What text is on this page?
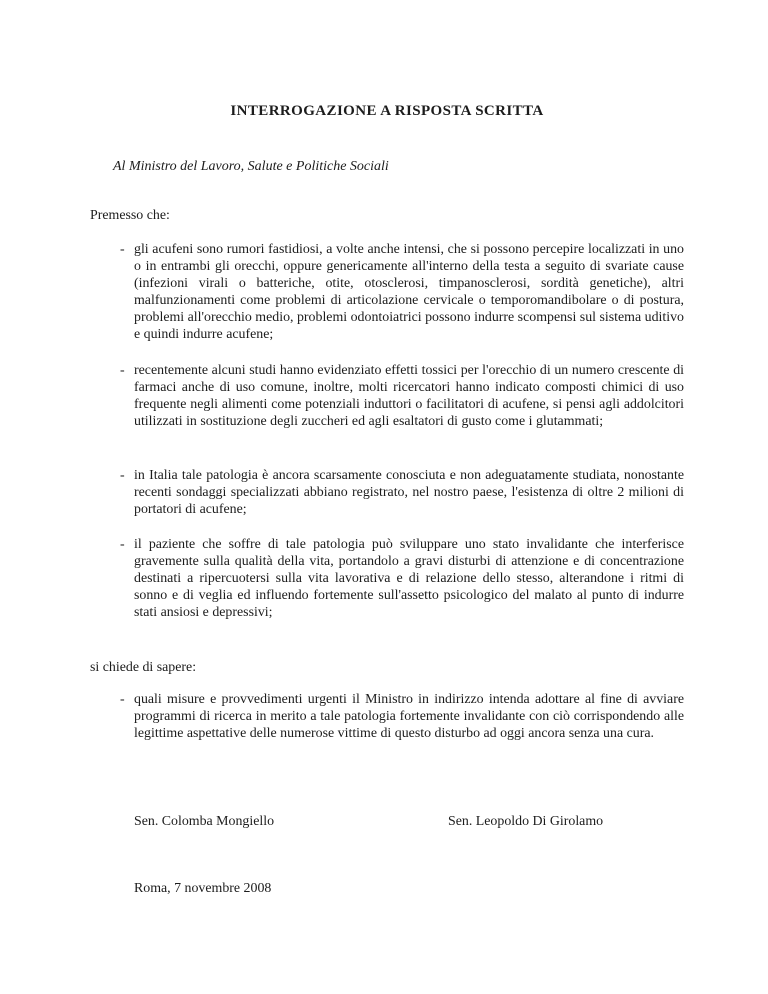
INTERROGAZIONE A RISPOSTA SCRITTA
Al Ministro del Lavoro, Salute e Politiche Sociali
Premesso che:
- gli acufeni sono rumori fastidiosi, a volte anche intensi, che si possono percepire localizzati in uno o in entrambi gli orecchi, oppure genericamente all'interno della testa a seguito di svariate cause (infezioni virali o batteriche, otite, otosclerosi, timpanosclerosi, sordità genetiche), altri malfunzionamenti come problemi di articolazione cervicale o temporomandibolare o di postura, problemi all'orecchio medio, problemi odontoiatrici possono indurre scompensi sul sistema uditivo e quindi indurre acufene;
- recentemente alcuni studi hanno evidenziato effetti tossici per l'orecchio di un numero crescente di farmaci anche di uso comune, inoltre, molti ricercatori hanno indicato composti chimici di uso frequente negli alimenti come potenziali induttori o facilitatori di acufene, si pensi agli addolcitori utilizzati in sostituzione degli zuccheri ed agli esaltatori di gusto come i glutammati;
- in Italia tale patologia è ancora scarsamente conosciuta e non adeguatamente studiata, nonostante recenti sondaggi specializzati abbiano registrato, nel nostro paese, l'esistenza di oltre 2 milioni di portatori di acufene;
- il paziente che soffre di tale patologia può sviluppare uno stato invalidante che interferisce gravemente sulla qualità della vita, portandolo a gravi disturbi di attenzione e di concentrazione destinati a ripercuotersi sulla vita lavorativa e di relazione dello stesso, alterandone i ritmi di sonno e di veglia ed influendo fortemente sull'assetto psicologico del malato al punto di indurre stati ansiosi e depressivi;
si chiede di sapere:
- quali misure e provvedimenti urgenti il Ministro in indirizzo intenda adottare al fine di avviare programmi di ricerca in merito a tale patologia fortemente invalidante con ciò corrispondendo alle legittime aspettative delle numerose vittime di questo disturbo ad oggi ancora senza una cura.
Sen. Colomba Mongiello	Sen. Leopoldo Di Girolamo
Roma, 7 novembre 2008
